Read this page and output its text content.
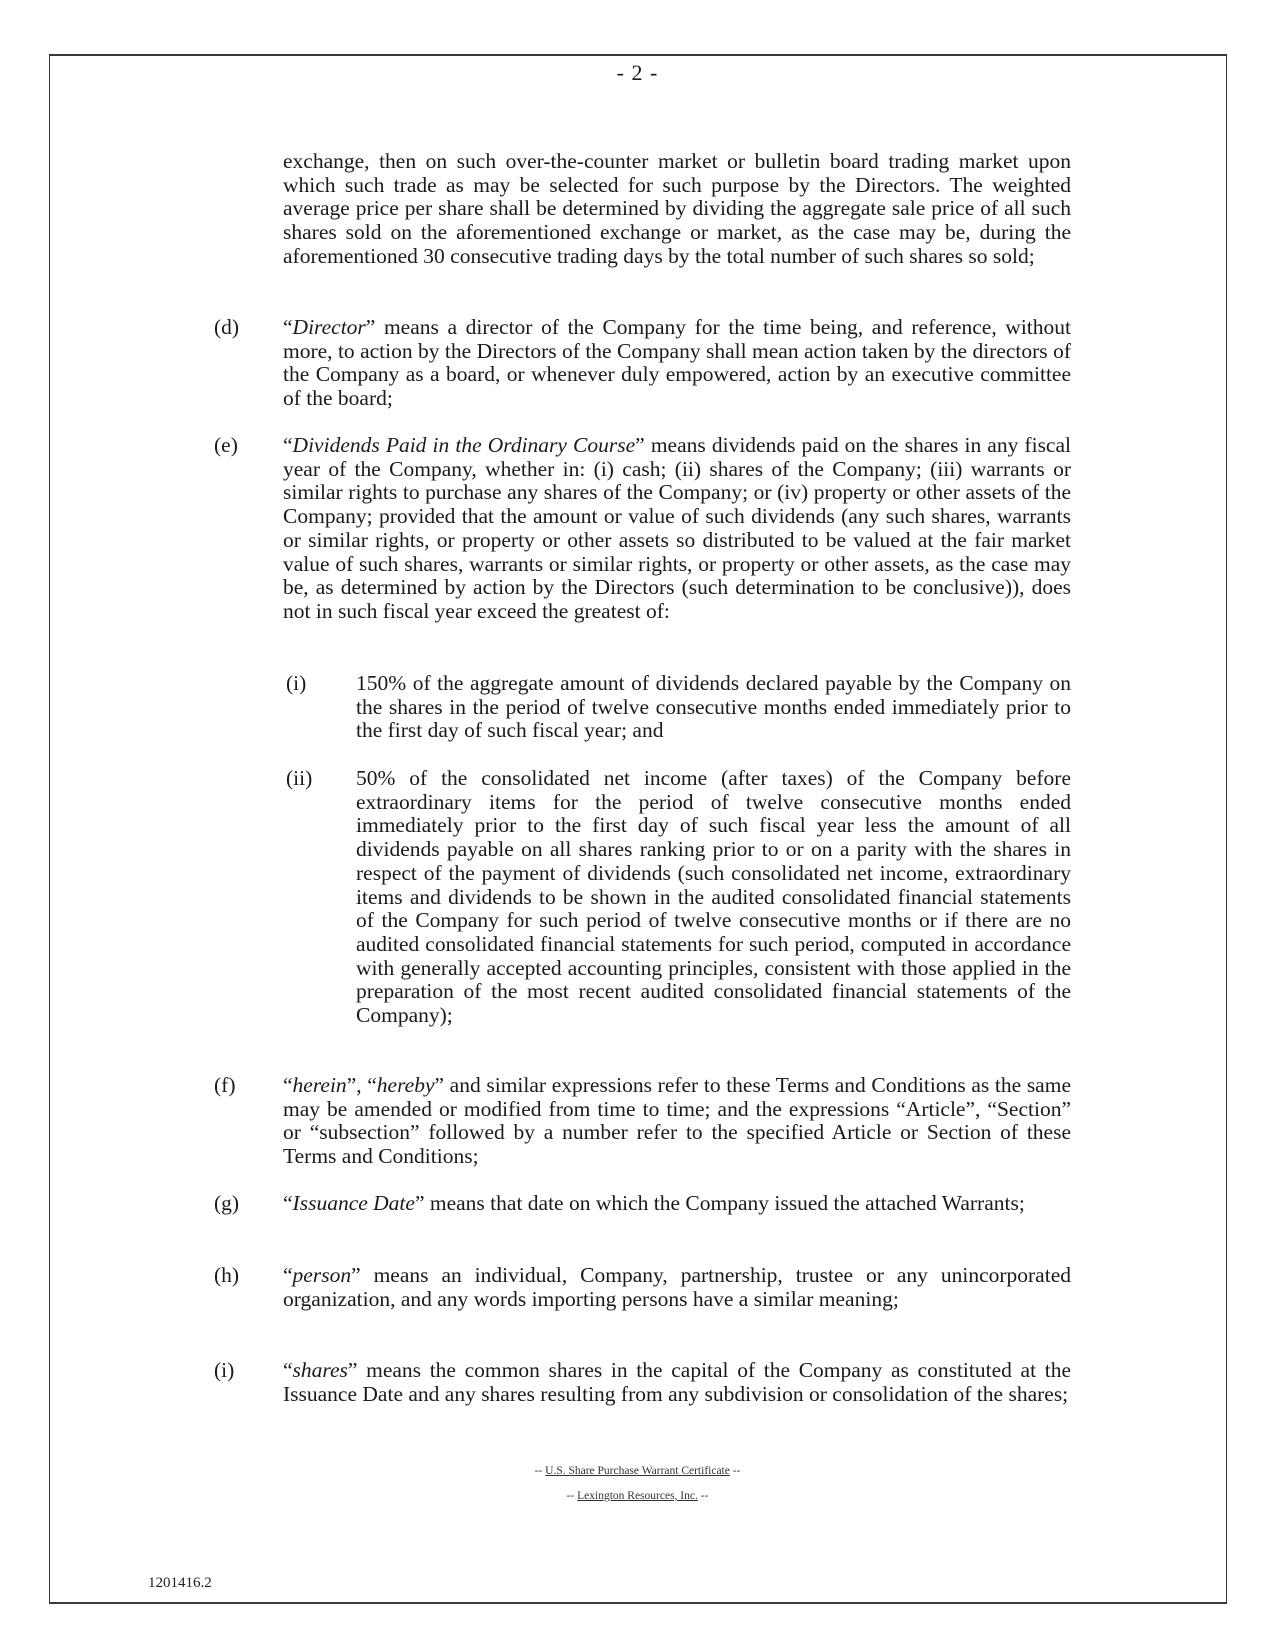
- 2 -
exchange, then on such over-the-counter market or bulletin board trading market upon which such trade as may be selected for such purpose by the Directors. The weighted average price per share shall be determined by dividing the aggregate sale price of all such shares sold on the aforementioned exchange or market, as the case may be, during the aforementioned 30 consecutive trading days by the total number of such shares so sold;
(d) “Director” means a director of the Company for the time being, and reference, without more, to action by the Directors of the Company shall mean action taken by the directors of the Company as a board, or whenever duly empowered, action by an executive committee of the board;
(e) “Dividends Paid in the Ordinary Course” means dividends paid on the shares in any fiscal year of the Company, whether in: (i) cash; (ii) shares of the Company; (iii) warrants or similar rights to purchase any shares of the Company; or (iv) property or other assets of the Company; provided that the amount or value of such dividends (any such shares, warrants or similar rights, or property or other assets so distributed to be valued at the fair market value of such shares, warrants or similar rights, or property or other assets, as the case may be, as determined by action by the Directors (such determination to be conclusive)), does not in such fiscal year exceed the greatest of:
(i) 150% of the aggregate amount of dividends declared payable by the Company on the shares in the period of twelve consecutive months ended immediately prior to the first day of such fiscal year; and
(ii) 50% of the consolidated net income (after taxes) of the Company before extraordinary items for the period of twelve consecutive months ended immediately prior to the first day of such fiscal year less the amount of all dividends payable on all shares ranking prior to or on a parity with the shares in respect of the payment of dividends (such consolidated net income, extraordinary items and dividends to be shown in the audited consolidated financial statements of the Company for such period of twelve consecutive months or if there are no audited consolidated financial statements for such period, computed in accordance with generally accepted accounting principles, consistent with those applied in the preparation of the most recent audited consolidated financial statements of the Company);
(f) “herein”, “hereby” and similar expressions refer to these Terms and Conditions as the same may be amended or modified from time to time; and the expressions “Article”, “Section” or “subsection” followed by a number refer to the specified Article or Section of these Terms and Conditions;
(g) “Issuance Date” means that date on which the Company issued the attached Warrants;
(h) “person” means an individual, Company, partnership, trustee or any unincorporated organization, and any words importing persons have a similar meaning;
(i) “shares” means the common shares in the capital of the Company as constituted at the Issuance Date and any shares resulting from any subdivision or consolidation of the shares;
-- U.S. Share Purchase Warrant Certificate --
-- Lexington Resources, Inc. --
1201416.2
